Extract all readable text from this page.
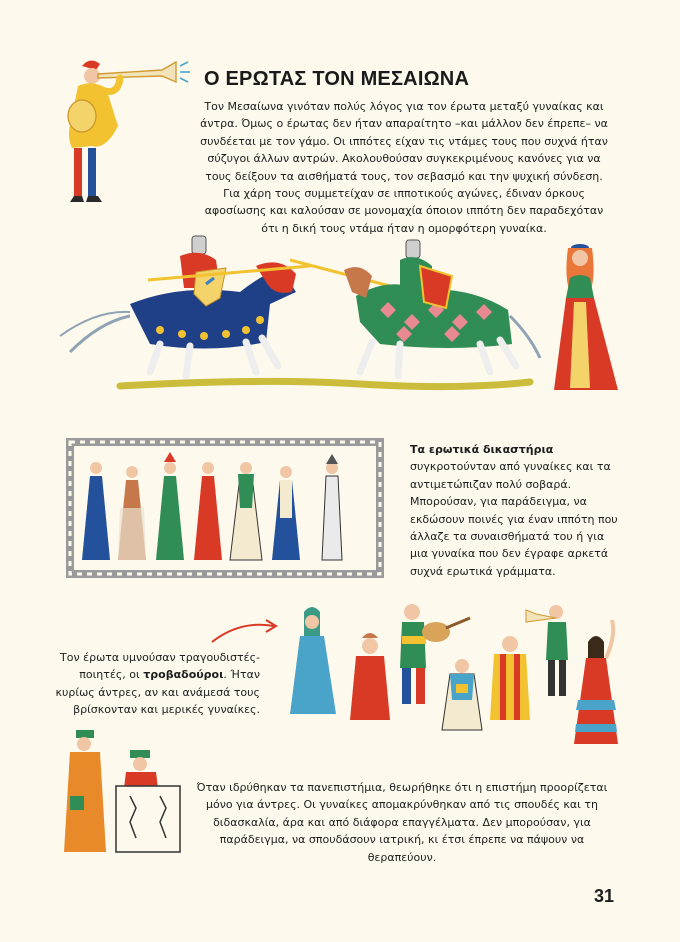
Ο ΕΡΩΤΑΣ ΤΟΝ ΜΕΣΑΙΩΝΑ

Τον Μεσαίωνα γινόταν πολύς λόγος για τον έρωτα μεταξύ γυναίκας και άντρα. Όμως ο έρωτας δεν ήταν απαραίτητο –και μάλλον δεν έπρεπε– να συνδέεται με τον γάμο. Οι ιππότες είχαν τις ντάμες τους που συχνά ήταν σύζυγοι άλλων αντρών. Ακολουθούσαν συγκεκριμένους κανόνες για να τους δείξουν τα αισθήματά τους, τον σεβασμό και την ψυχική σύνδεση. Για χάρη τους συμμετείχαν σε ιπποτικούς αγώνες, έδιναν όρκους αφοσίωσης και καλούσαν σε μονομαχία όποιον ιππότη δεν παραδεχόταν ότι η δική τους ντάμα ήταν η ομορφότερη γυναίκα.

Τα ερωτικά δικαστήρια συγκροτούνταν από γυναίκες και τα αντιμετώπιζαν πολύ σοβαρά. Μπορούσαν, για παράδειγμα, να εκδώσουν ποινές για έναν ιππότη που άλλαζε τα συναισθήματά του ή για μια γυναίκα που δεν έγραφε αρκετά συχνά ερωτικά γράμματα.

Τον έρωτα υμνούσαν τραγουδιστές-ποιητές, οι τροβαδούροι. Ήταν κυρίως άντρες, αν και ανάμεσά τους βρίσκονταν και μερικές γυναίκες.

Όταν ιδρύθηκαν τα πανεπιστήμια, θεωρήθηκε ότι η επιστήμη προορίζεται μόνο για άντρες. Οι γυναίκες απομακρύνθηκαν από τις σπουδές και τη διδασκαλία, άρα και από διάφορα επαγγέλματα. Δεν μπορούσαν, για παράδειγμα, να σπουδάσουν ιατρική, κι έτσι έπρεπε να πάψουν να θεραπεύουν.

31
